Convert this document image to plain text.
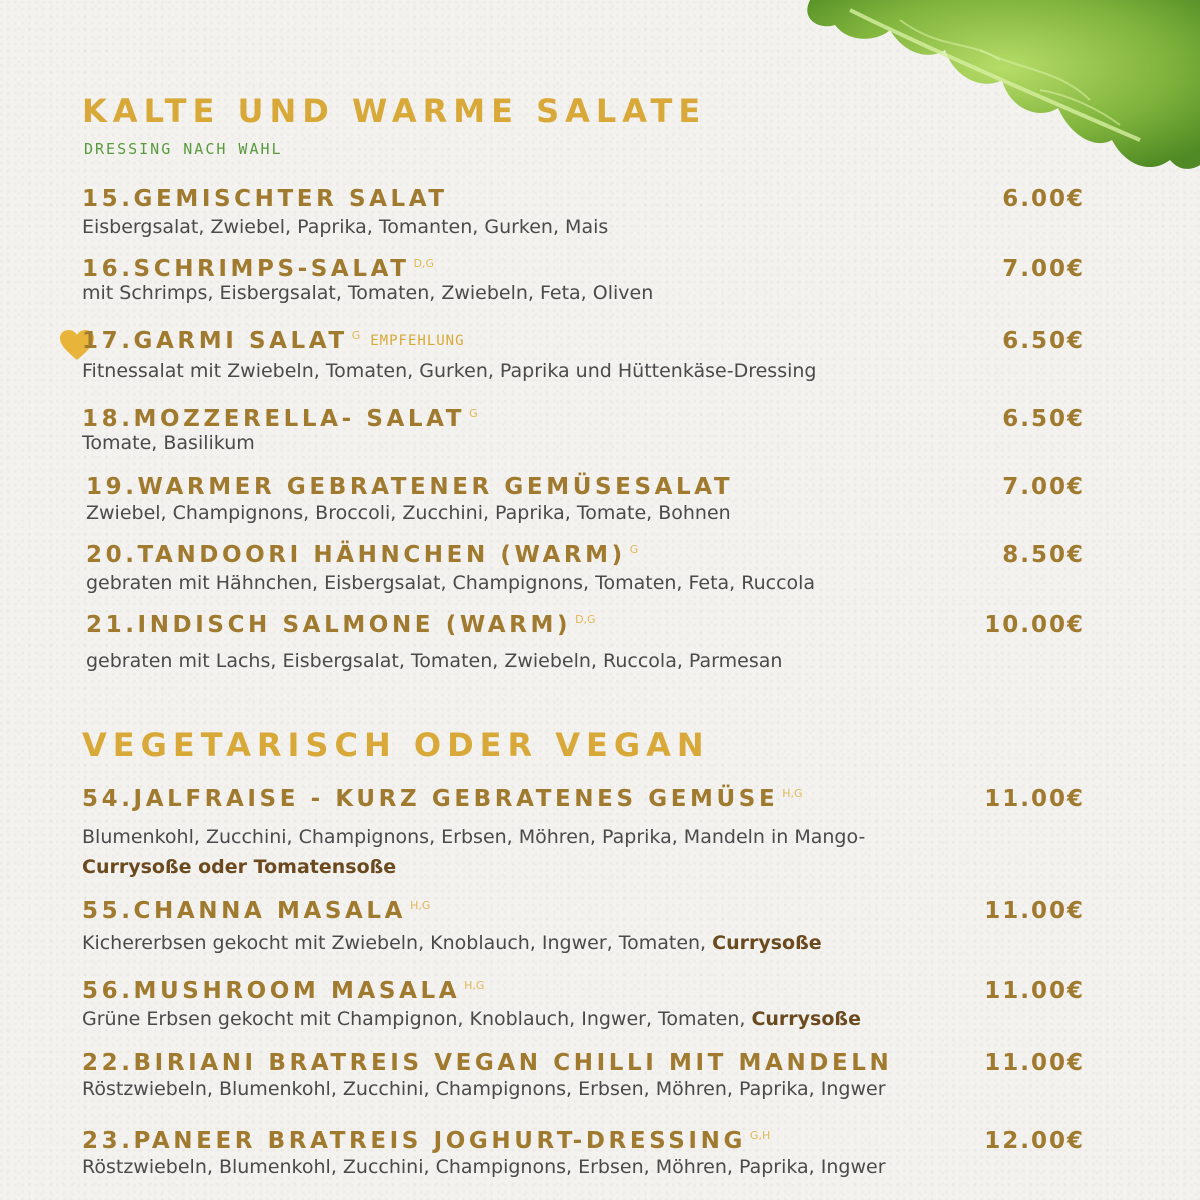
KALTE UND WARME SALATE
DRESSING NACH WAHL
15.GEMISCHTER SALAT	6.00€
Eisbergsalat, Zwiebel, Paprika, Tomanten, Gurken, Mais
16.SCHRIMPS-SALAT $^{D,G}$	7.00€
mit Schrimps, Eisbergsalat, Tomaten, Zwiebeln, Feta, Oliven
17.GARMI SALAT $^G$ EMPFEHLUNG	6.50€
Fitnessalat mit Zwiebeln, Tomaten, Gurken, Paprika und Hüttenkäse-Dressing
18.MOZZERELLA- SALAT $^G$	6.50€
Tomate, Basilikum
19.WARMER GEBRATENER GEMÜSESALAT	7.00€
Zwiebel, Champignons, Broccoli, Zucchini, Paprika, Tomate, Bohnen
20.TANDOORI HÄHNCHEN (WARM) $^G$	8.50€
gebraten mit Hähnchen, Eisbergsalat, Champignons, Tomaten, Feta, Ruccola
21.INDISCH SALMONE (WARM) $^{D,G}$	10.00€
gebraten mit Lachs, Eisbergsalat, Tomaten, Zwiebeln, Ruccola, Parmesan
VEGETARISCH ODER VEGAN
54.JALFRAISE - KURZ GEBRATENES GEMÜSE $^{H,G}$	11.00€
Blumenkohl, Zucchini, Champignons, Erbsen, Möhren, Paprika, Mandeln in Mango-
Currysoße oder Tomatensoße
55.CHANNA MASALA $^{H,G}$	11.00€
Kichererbsen gekocht mit Zwiebeln, Knoblauch, Ingwer, Tomaten, Currysoße
56.MUSHROOM MASALA $^{H,G}$	11.00€
Grüne Erbsen gekocht mit Champignon, Knoblauch, Ingwer, Tomaten, Currysoße
22.BIRIANI BRATREIS VEGAN CHILLI MIT MANDELN	11.00€
Röstzwiebeln, Blumenkohl, Zucchini, Champignons, Erbsen, Möhren, Paprika, Ingwer
23.PANEER BRATREIS JOGHURT-DRESSING $^{G,H}$	12.00€
Röstzwiebeln, Blumenkohl, Zucchini, Champignons, Erbsen, Möhren, Paprika, Ingwer
